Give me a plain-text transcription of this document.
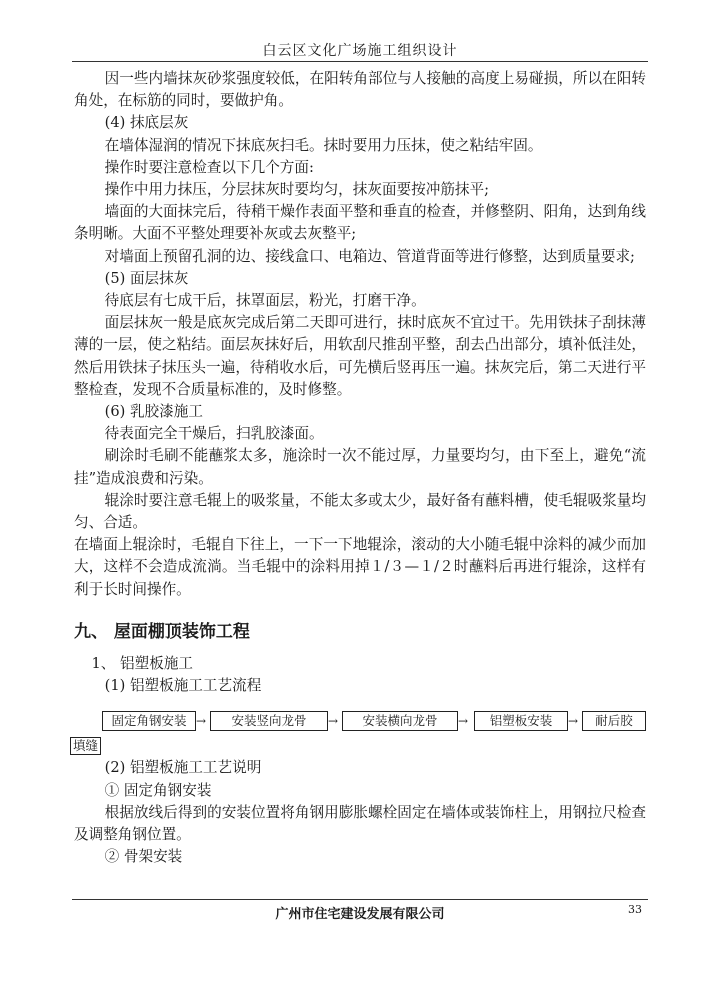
白云区文化广场施工组织设计

因一些内墙抹灰砂浆强度较低，在阳转角部位与人接触的高度上易碰损，所以在阳转角处，在标筋的同时，要做护角。

(4) 抹底层灰

在墙体湿润的情况下抹底灰扫毛。抹时要用力压抹，使之粘结牢固。

操作时要注意检查以下几个方面:

操作中用力抹压，分层抹灰时要均匀，抹灰面要按冲筋抹平;

墙面的大面抹完后，待稍干燥作表面平整和垂直的检查，并修整阴、阳角，达到角线条明晰。大面不平整处理要补灰或去灰整平;

对墙面上预留孔洞的边、接线盒口、电箱边、管道背面等进行修整，达到质量要求;

(5) 面层抹灰

待底层有七成干后，抹罩面层，粉光，打磨干净。

面层抹灰一般是底灰完成后第二天即可进行，抹时底灰不宜过干。先用铁抹子刮抹薄薄的一层，使之粘结。面层灰抹好后，用软刮尺推刮平整，刮去凸出部分，填补低洼处，然后用铁抹子抹压头一遍，待稍收水后，可先横后竖再压一遍。抹灰完后，第二天进行平整检查，发现不合质量标准的，及时修整。

(6) 乳胶漆施工

待表面完全干燥后，扫乳胶漆面。

刷涂时毛刷不能蘸浆太多，施涂时一次不能过厚，力量要均匀，由下至上，避免“流挂”造成浪费和污染。

辊涂时要注意毛辊上的吸浆量，不能太多或太少，最好备有蘸料槽，使毛辊吸浆量均匀、合适。

在墙面上辊涂时，毛辊自下往上，一下一下地辊涂，滚动的大小随毛辊中涂料的减少而加大，这样不会造成流淌。当毛辊中的涂料用掉１/３—１/２时蘸料后再进行辊涂，这样有利于长时间操作。

九、 屋面棚顶装饰工程

1、 铝塑板施工

(1) 铝塑板施工工艺流程

固定角钢安装 →	安装竖向龙骨	→	安装横向龙骨	→	铝塑板安装	→	耐后胶
填缝

(2) 铝塑板施工工艺说明

① 固定角钢安装

根据放线后得到的安装位置将角钢用膨胀螺栓固定在墙体或装饰柱上，用钢拉尺检查及调整角钢位置。

② 骨架安装

广州市住宅建设发展有限公司	33
